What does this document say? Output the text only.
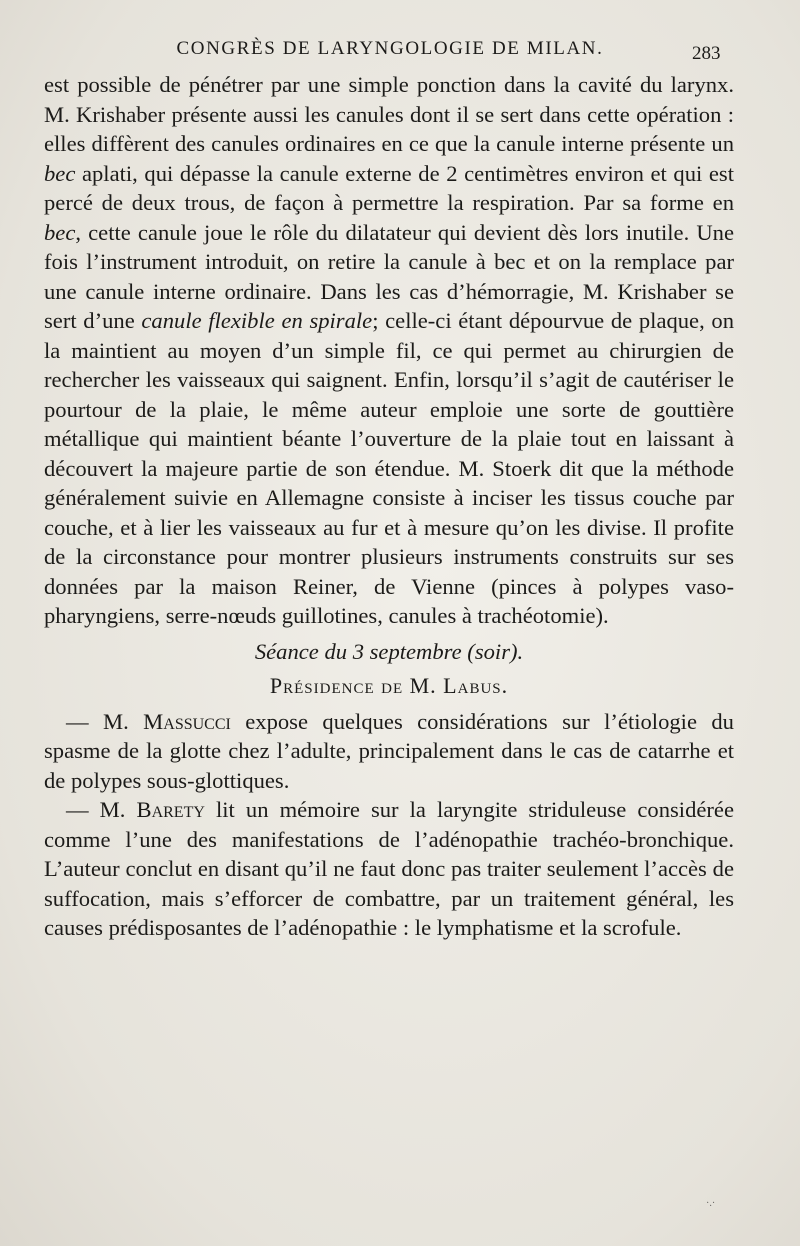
CONGRÈS DE LARYNGOLOGIE DE MILAN.	283

est possible de pénétrer par une simple ponction dans la cavité du larynx. M. Krishaber présente aussi les canules dont il se sert dans cette opération : elles diffèrent des canules ordinaires en ce que la canule interne présente un bec aplati, qui dépasse la canule externe de 2 centimètres environ et qui est percé de deux trous, de façon à permettre la respiration. Par sa forme en bec, cette canule joue le rôle du dilatateur qui devient dès lors inutile. Une fois l’instrument introduit, on retire la canule à bec et on la remplace par une canule interne ordinaire. Dans les cas d’hémorragie, M. Krishaber se sert d’une canule flexible en spirale; celle-ci étant dépourvue de plaque, on la maintient au moyen d’un simple fil, ce qui permet au chirurgien de rechercher les vaisseaux qui saignent. Enfin, lorsqu’il s’agit de cautériser le pourtour de la plaie, le même auteur emploie une sorte de gouttière métallique qui maintient béante l’ouverture de la plaie tout en laissant à découvert la majeure partie de son étendue. M. Stoerk dit que la méthode généralement suivie en Allemagne consiste à inciser les tissus couche par couche, et à lier les vaisseaux au fur et à mesure qu’on les divise. Il profite de la circonstance pour montrer plusieurs instruments construits sur ses données par la maison Reiner, de Vienne (pinces à polypes vaso-pharyngiens, serre-nœuds guillotines, canules à trachéotomie).

Séance du 3 septembre (soir).

Présidence de M. Labus.

— M. Massucci expose quelques considérations sur l’étiologie du spasme de la glotte chez l’adulte, principalement dans le cas de catarrhe et de polypes sous-glottiques.

— M. Barety lit un mémoire sur la laryngite striduleuse considérée comme l’une des manifestations de l’adénopathie trachéo-bronchique. L’auteur conclut en disant qu’il ne faut donc pas traiter seulement l’accès de suffocation, mais s’efforcer de combattre, par un traitement général, les causes prédisposantes de l’adénopathie : le lymphatisme et la scrofule.

·.·
